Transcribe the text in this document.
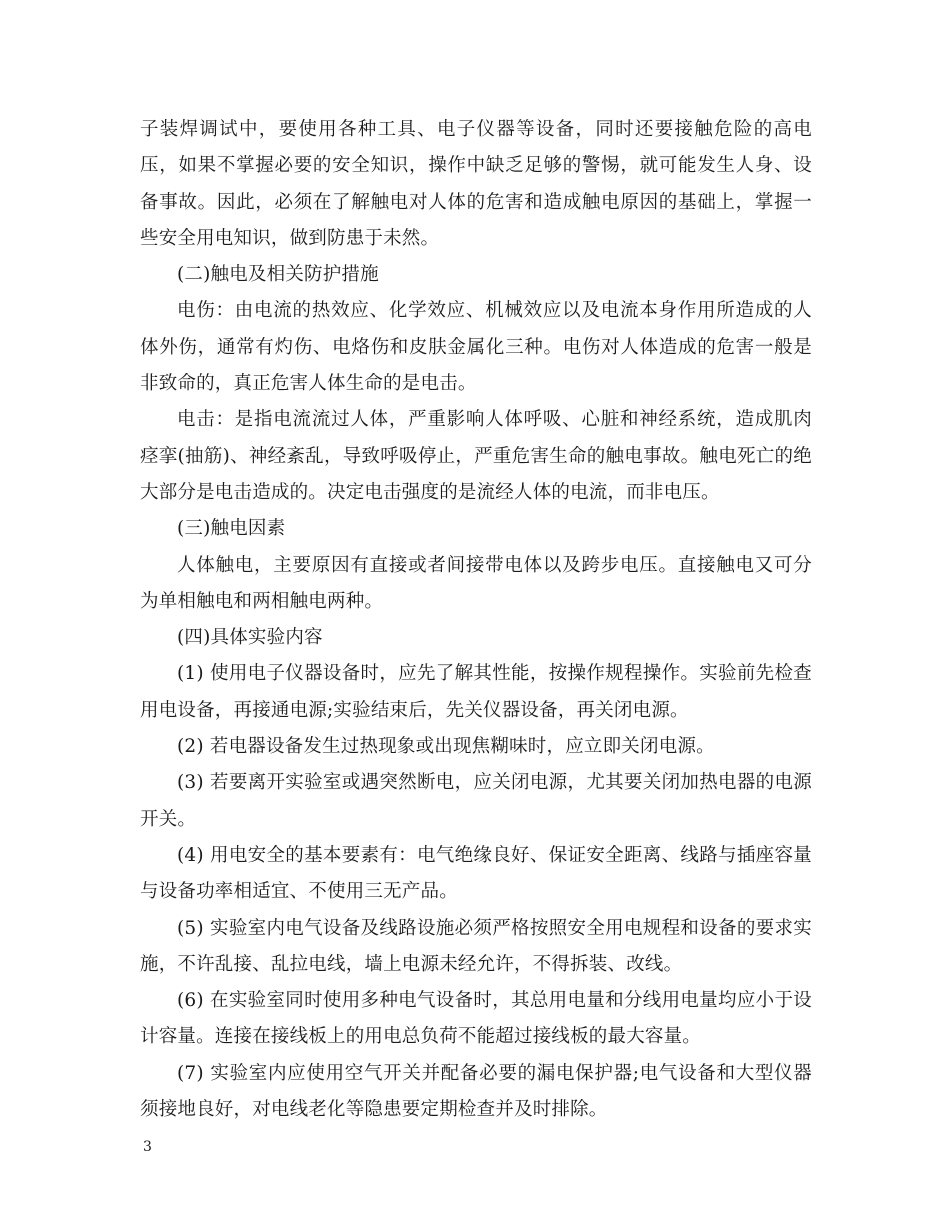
子装焊调试中，要使用各种工具、电子仪器等设备，同时还要接触危险的高电压，如果不掌握必要的安全知识，操作中缺乏足够的警惕，就可能发生人身、设备事故。因此，必须在了解触电对人体的危害和造成触电原因的基础上，掌握一些安全用电知识，做到防患于未然。

(二)触电及相关防护措施

电伤：由电流的热效应、化学效应、机械效应以及电流本身作用所造成的人体外伤，通常有灼伤、电烙伤和皮肤金属化三种。电伤对人体造成的危害一般是非致命的，真正危害人体生命的是电击。

电击：是指电流流过人体，严重影响人体呼吸、心脏和神经系统，造成肌肉痉挛(抽筋)、神经紊乱，导致呼吸停止，严重危害生命的触电事故。触电死亡的绝大部分是电击造成的。决定电击强度的是流经人体的电流，而非电压。

(三)触电因素

人体触电，主要原因有直接或者间接带电体以及跨步电压。直接触电又可分为单相触电和两相触电两种。

(四)具体实验内容

(1) 使用电子仪器设备时，应先了解其性能，按操作规程操作。实验前先检查用电设备，再接通电源;实验结束后，先关仪器设备，再关闭电源。

(2) 若电器设备发生过热现象或出现焦糊味时，应立即关闭电源。

(3) 若要离开实验室或遇突然断电，应关闭电源，尤其要关闭加热电器的电源开关。

(4) 用电安全的基本要素有：电气绝缘良好、保证安全距离、线路与插座容量与设备功率相适宜、不使用三无产品。

(5) 实验室内电气设备及线路设施必须严格按照安全用电规程和设备的要求实施，不许乱接、乱拉电线，墙上电源未经允许，不得拆装、改线。

(6) 在实验室同时使用多种电气设备时，其总用电量和分线用电量均应小于设计容量。连接在接线板上的用电总负荷不能超过接线板的最大容量。

(7) 实验室内应使用空气开关并配备必要的漏电保护器;电气设备和大型仪器须接地良好，对电线老化等隐患要定期检查并及时排除。

3
